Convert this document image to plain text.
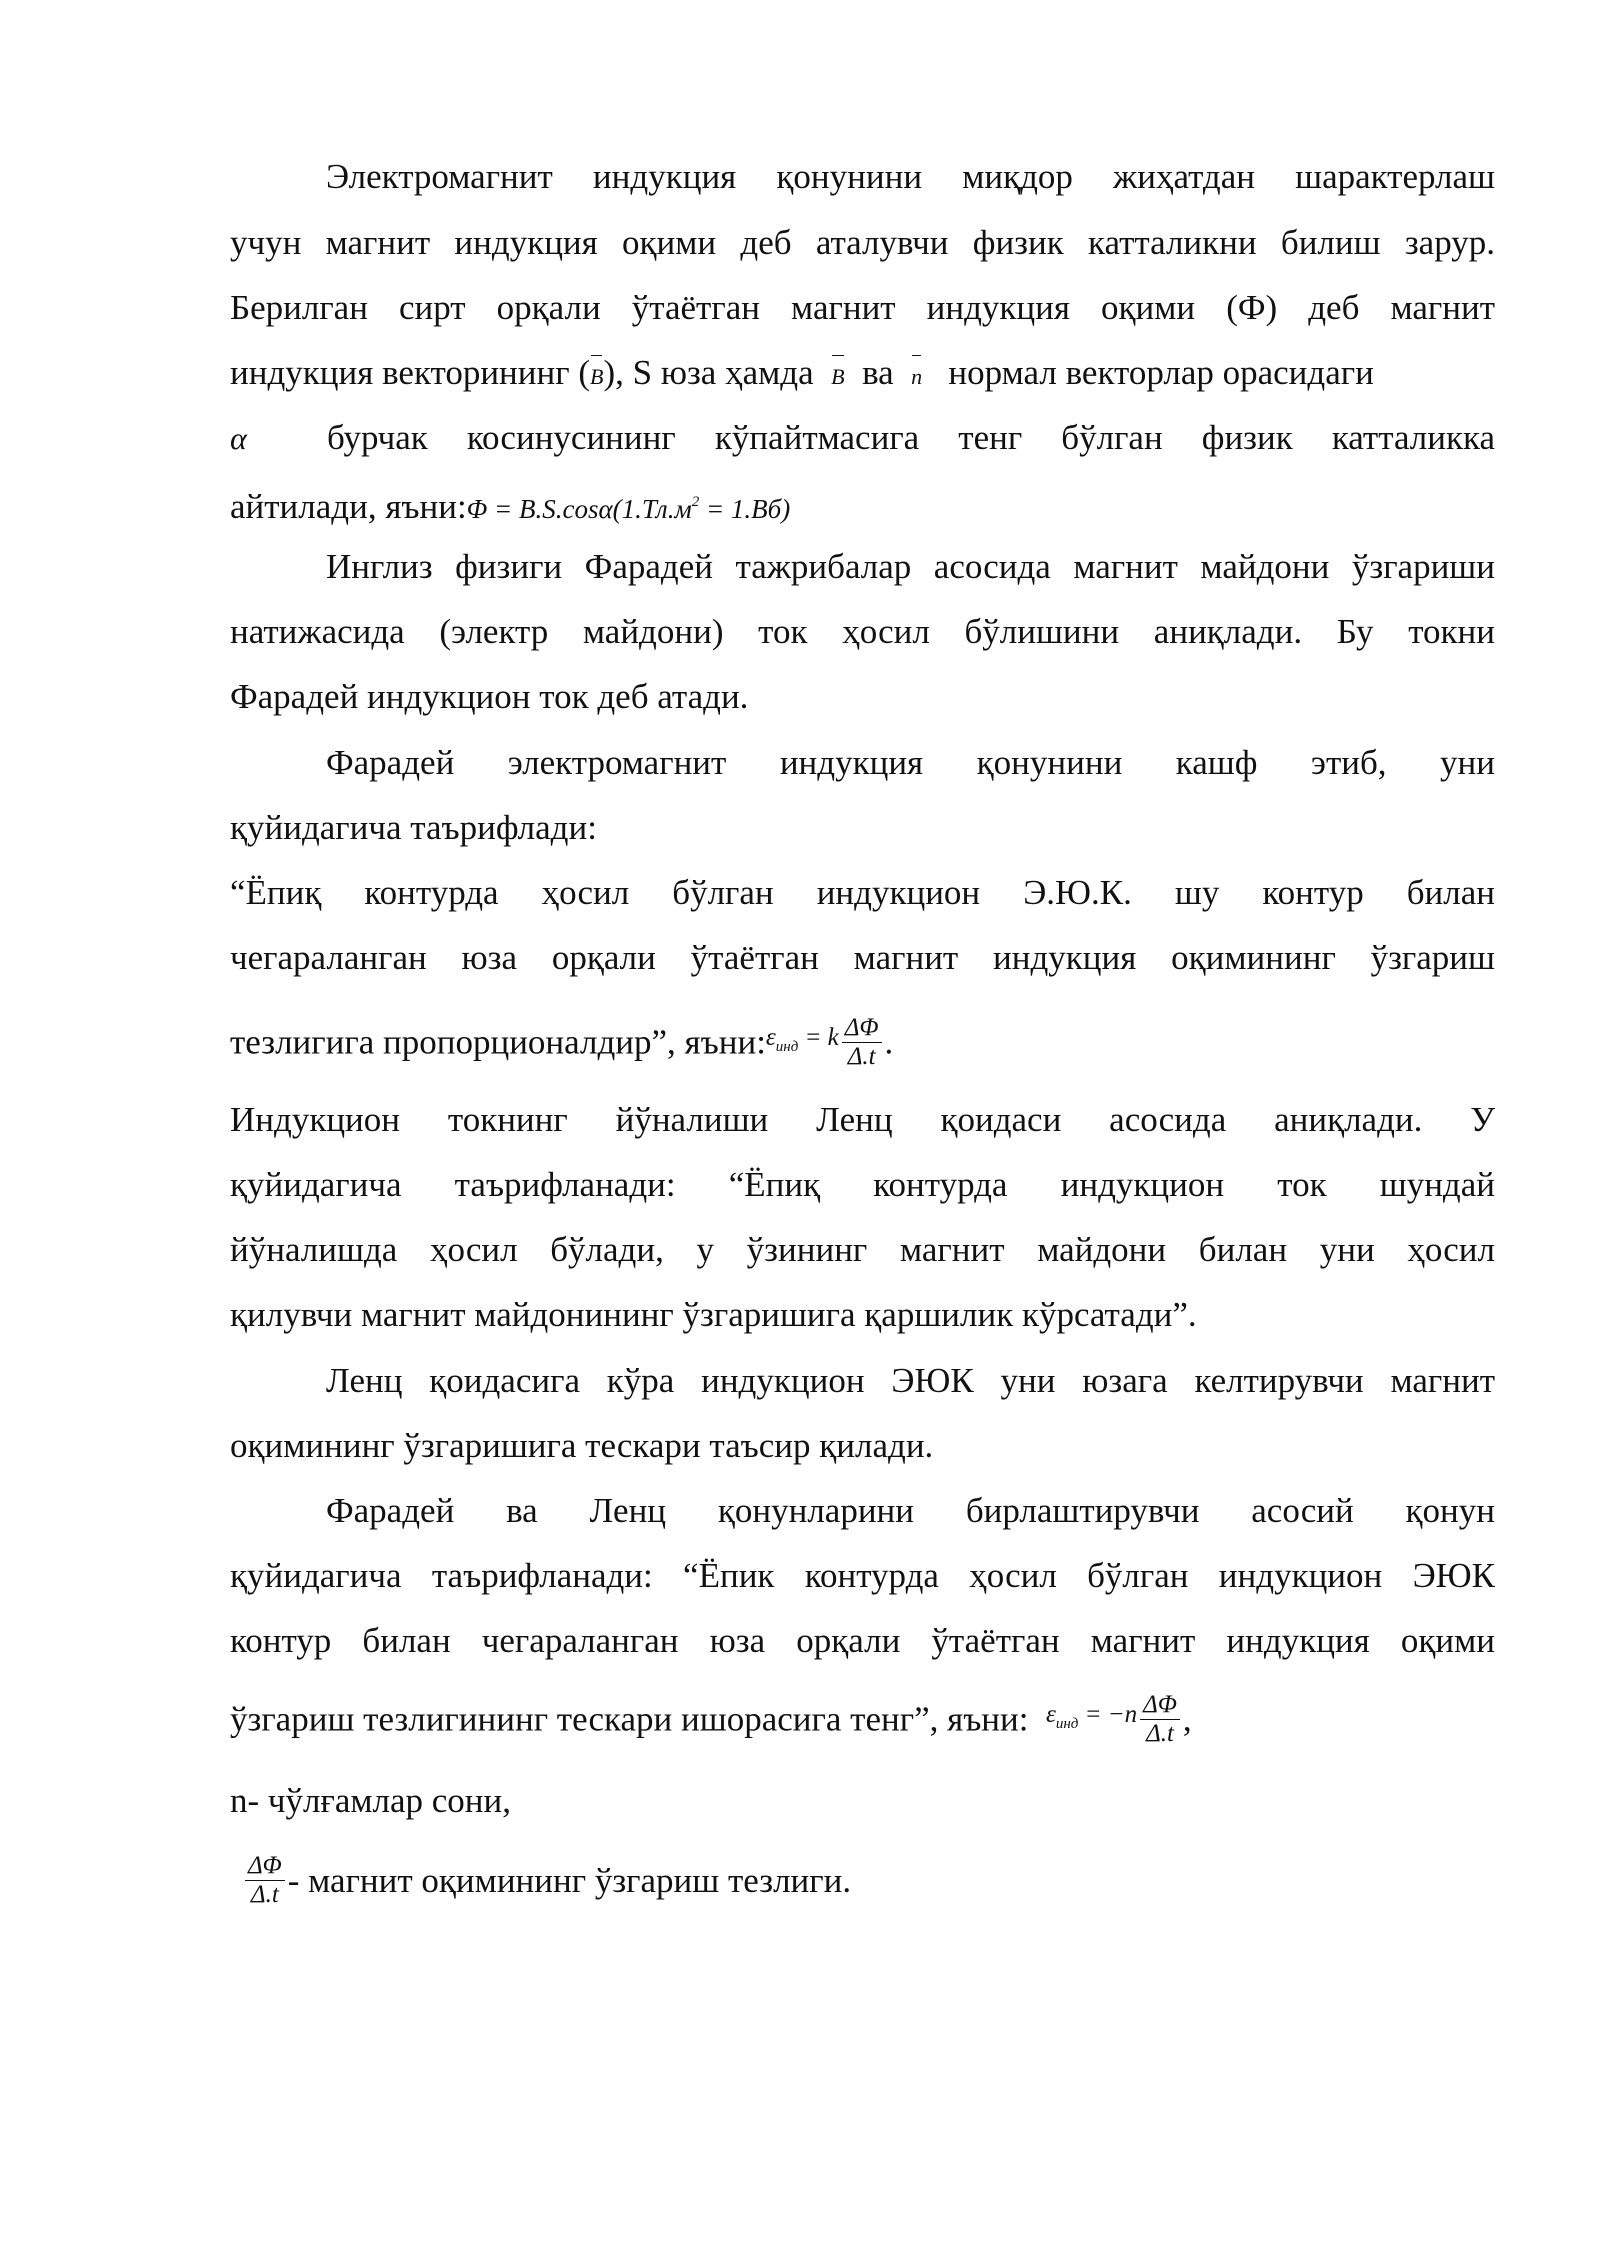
Электромагнит индукция қонунини миқдор жиҳатдан шарактерлаш
учун магнит индукция оқими деб аталувчи физик катталикни билиш зарур.
Берилган сирт орқали ўтаётган магнит индукция оқими (Ф) деб магнит
индукция векторининг (B), S юза ҳамда B ва n нормал векторлар орасидаги
α бурчак косинусининг кўпайтмасига тенг бўлган физик катталикка
айтилади, яъни:Φ = $B.S.\cos\alpha(1.Тл.м^2 = 1.Вб)$
Инглиз физиги Фарадей тажрибалар асосида магнит майдони ўзгариши
натижасида (электр майдони) ток ҳосил бўлишини аниқлади. Бу токни
Фарадей индукцион ток деб атади.
Фарадей электромагнит индукция қонунини кашф этиб, уни
қуйидагича таърифлади:
“Ёпиқ контурда ҳосил бўлган индукцион Э.Ю.К. шу контур билан
чегараланган юза орқали ўтаётган магнит индукция оқимининг ўзгариш
тезлигига пропорционалдир”, $яъни:\varepsilon_{инд} = k \frac{\Delta\Phi}{\Delta.t}$ .
Индукцион токнинг йўналиши Ленц қоидаси асосида аниқлади. У
қуйидагича таърифланади: “Ёпиқ контурда индукцион ток шундай
йўналишда ҳосил бўлади, у ўзининг магнит майдони билан уни ҳосил
қилувчи магнит майдонининг ўзгаришига қаршилик кўрсатади”.
Ленц қоидасига кўра индукцион ЭЮК уни юзага келтирувчи магнит
оқимининг ўзгаришига тескари таъсир қилади.
Фарадей ва Ленц қонунларини бирлаштирувчи асосий қонун
қуйидагича таърифланади: “Ёпик контурда ҳосил бўлган индукцион ЭЮК
контур билан чегараланган юза орқали ўтаётган магнит индукция оқими
ўзгариш тезлигининг тескари ишорасига тенг”, яъни: $\varepsilon_{инд} = -n \frac{\Delta\Phi}{\Delta.t}$ ,
n- чўлғамлар сони,
$\frac{\Delta\Phi}{\Delta.t}$ - магнит оқимининг ўзгариш тезлиги.
